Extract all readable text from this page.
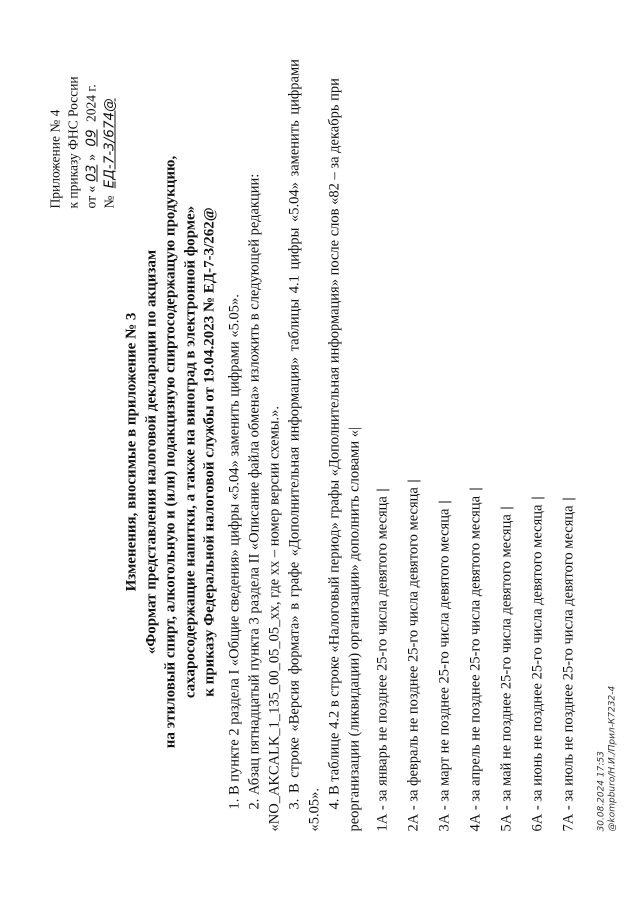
Приложение № 4 к приказу ФНС России от «03» 09 2024 г.
№ ЕД-7-3/674@
Изменения, вносимые в приложение № 3 «Формат представления налоговой декларации по акцизам на этиловый спирт, алкогольную и (или) подакцизную спиртосодержащую продукцию, сахаросодержащие напитки, а также на виноград в электронной форме» к приказу Федеральной налоговой службы от 19.04.2023 № ЕД-7-3/262@ 1. В пункте 2 раздела I «Общие сведения» цифры «5.04» заменить цифрами «5.05». 2. Абзац пятнадцатый пункта 3 раздела II «Описание файла обмена» изложить в следующей редакции: «NO_AKCALK_1_135_00_05_05_xx, где xx – номер версии схемы.». 3. В строке «Версия формата» в графе «Дополнительная информация» таблицы 4.1 цифры «5.04» заменить цифрами
«5.05».
4. В таблице 4.2 в строке «Налоговый период» графы «Дополнительная информация» после слов «82 – за декабрь при реорганизации (ликвидации) организации» дополнить словами «| 1А - за январь не позднее 25-го числа девятого месяца 2А - за февраль не позднее 25-го числа девятого месяца 3А - за март не позднее 25-го числа девятого месяца 4А - за апрель не позднее 25-го числа девятого месяца 5А - за май не позднее 25-го числа девятого месяца 6А - за июнь не позднее 25-го числа девятого месяца 7А - за июль не позднее 25-го числа девятого месяца 30.08.2024 17:53 @kompburo/Н.И./Прил-К7232-4
